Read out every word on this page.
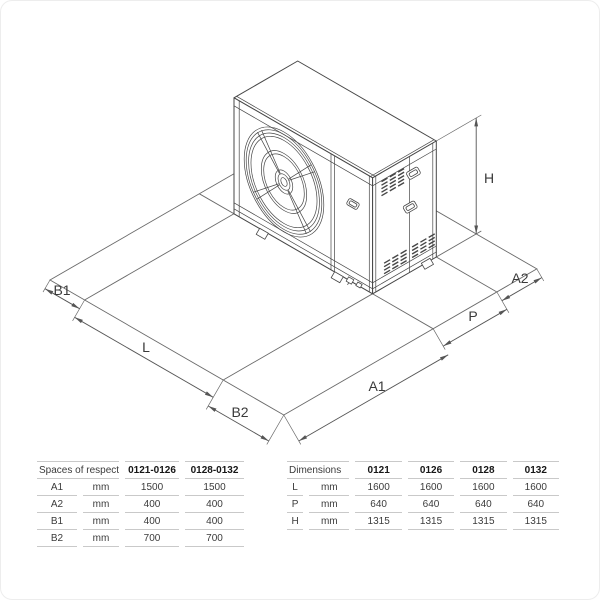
B1
L
B2
A1
P
A2
H
Spaces of respect		0121-0126	0128-0132
A1	mm	1500	1500
A2	mm	400	400
B1	mm	400	400
B2	mm	700	700
Dimensions		0121	0126	0128	0132
L	mm	1600	1600	1600	1600
P	mm	640	640	640	640
H	mm	1315	1315	1315	1315
